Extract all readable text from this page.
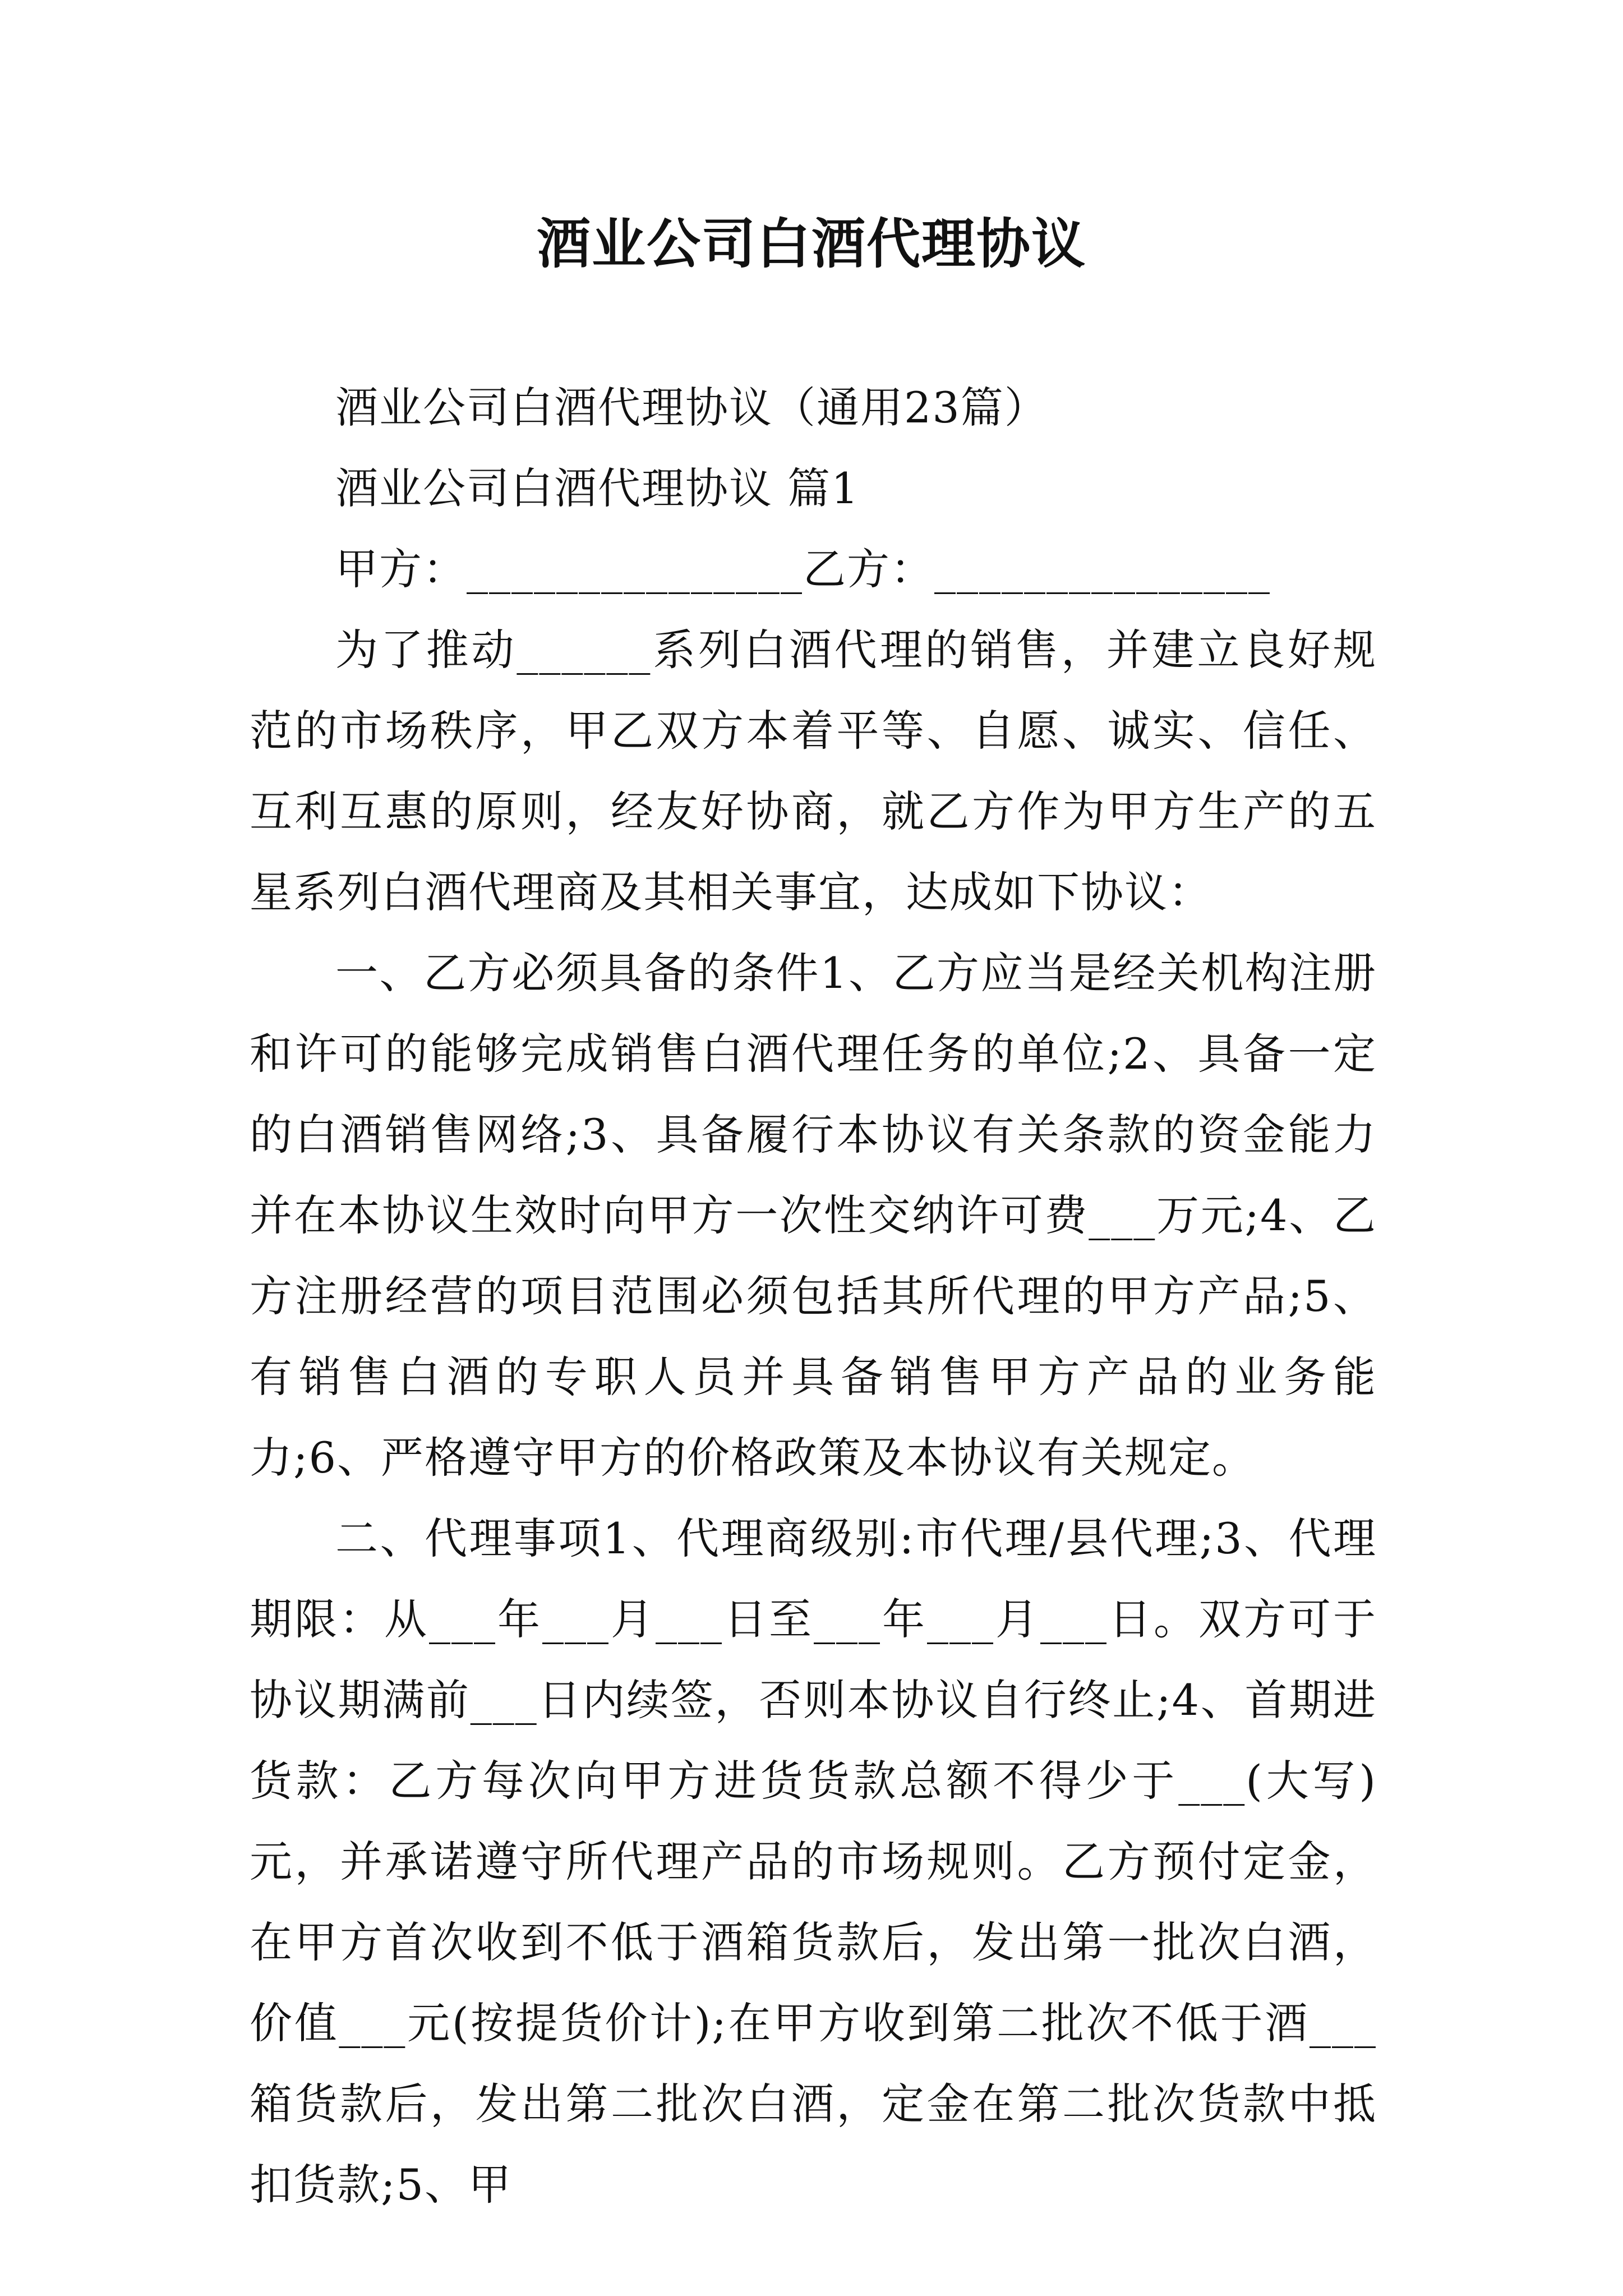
酒业公司白酒代理协议
酒业公司白酒代理协议（通用23篇）
酒业公司白酒代理协议 篇1
甲方：_______________乙方：_______________
为了推动______系列白酒代理的销售，并建立良好规范的市场秩序，甲乙双方本着平等、自愿、诚实、信任、互利互惠的原则，经友好协商，就乙方作为甲方生产的五星系列白酒代理商及其相关事宜，达成如下协议：
一、乙方必须具备的条件1、乙方应当是经关机构注册和许可的能够完成销售白酒代理任务的单位;2、具备一定的白酒销售网络;3、具备履行本协议有关条款的资金能力并在本协议生效时向甲方一次性交纳许可费___万元;4、乙方注册经营的项目范围必须包括其所代理的甲方产品;5、有销售白酒的专职人员并具备销售甲方产品的业务能力;6、严格遵守甲方的价格政策及本协议有关规定。
二、代理事项1、代理商级别:市代理/县代理;3、代理期限：从___年___月___日至___年___月___日。双方可于协议期满前___日内续签，否则本协议自行终止;4、首期进货款：乙方每次向甲方进货货款总额不得少于___(大写)元，并承诺遵守所代理产品的市场规则。乙方预付定金，在甲方首次收到不低于酒箱货款后，发出第一批次白酒，价值___元(按提货价计);在甲方收到第二批次不低于酒___箱货款后，发出第二批次白酒，定金在第二批次货款中抵扣货款;5、甲
